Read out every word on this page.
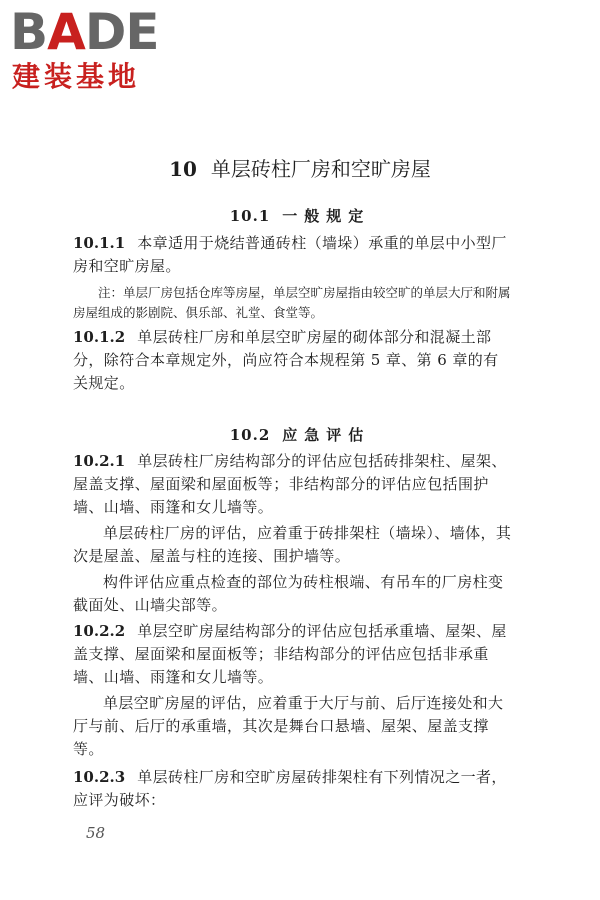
BADE
建装基地
10 单层砖柱厂房和空旷房屋
10.1 一般规定

10.1.1 本章适用于烧结普通砖柱（墙垛）承重的单层中小型厂房和空旷房屋。

注：单层厂房包括仓库等房屋，单层空旷房屋指由较空旷的单层大厅和附属房屋组成的影剧院、俱乐部、礼堂、食堂等。

10.1.2 单层砖柱厂房和单层空旷房屋的砌体部分和混凝土部分，除符合本章规定外，尚应符合本规程第 5 章、第 6 章的有关规定。

10.2 应急评估

10.2.1 单层砖柱厂房结构部分的评估应包括砖排架柱、屋架、屋盖支撑、屋面梁和屋面板等；非结构部分的评估应包括围护墙、山墙、雨篷和女儿墙等。

单层砖柱厂房的评估，应着重于砖排架柱（墙垛）、墙体，其次是屋盖、屋盖与柱的连接、围护墙等。

构件评估应重点检查的部位为砖柱根端、有吊车的厂房柱变截面处、山墙尖部等。

10.2.2 单层空旷房屋结构部分的评估应包括承重墙、屋架、屋盖支撑、屋面梁和屋面板等；非结构部分的评估应包括非承重墙、山墙、雨篷和女儿墙等。

单层空旷房屋的评估，应着重于大厅与前、后厅连接处和大厅与前、后厅的承重墙，其次是舞台口悬墙、屋架、屋盖支撑等。

10.2.3 单层砖柱厂房和空旷房屋砖排架柱有下列情况之一者，应评为破坏：

58
